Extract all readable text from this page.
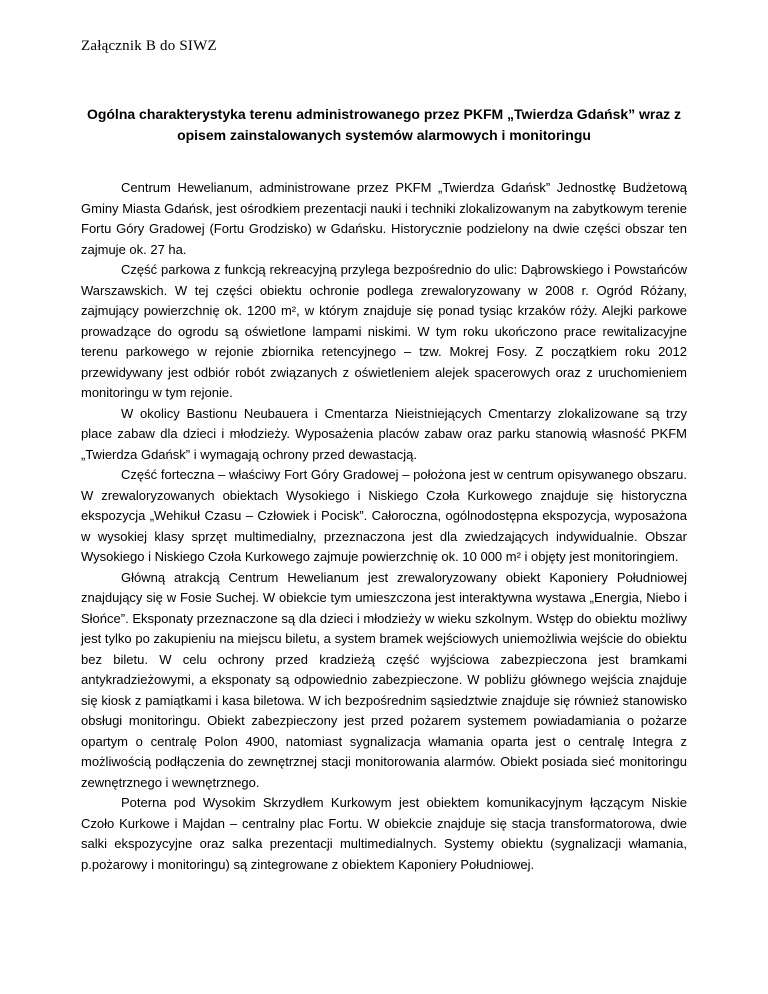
Załącznik B do SIWZ
Ogólna charakterystyka terenu administrowanego przez PKFM „Twierdza Gdańsk” wraz z opisem zainstalowanych systemów alarmowych i monitoringu

Centrum Hewelianum, administrowane przez PKFM „Twierdza Gdańsk” Jednostkę Budżetową Gminy Miasta Gdańsk, jest ośrodkiem prezentacji nauki i techniki zlokalizowanym na zabytkowym terenie Fortu Góry Gradowej (Fortu Grodzisko) w Gdańsku. Historycznie podzielony na dwie części obszar ten zajmuje ok. 27 ha.

Część parkowa z funkcją rekreacyjną przylega bezpośrednio do ulic: Dąbrowskiego i Powstańców Warszawskich. W tej części obiektu ochronie podlega zrewaloryzowany w 2008 r. Ogród Różany, zajmujący powierzchnię ok. 1200 m², w którym znajduje się ponad tysiąc krzaków róży. Alejki parkowe prowadzące do ogrodu są oświetlone lampami niskimi. W tym roku ukończono prace rewitalizacyjne terenu parkowego w rejonie zbiornika retencyjnego – tzw. Mokrej Fosy. Z początkiem roku 2012 przewidywany jest odbiór robót związanych z oświetleniem alejek spacerowych oraz z uruchomieniem monitoringu w tym rejonie.

W okolicy Bastionu Neubauera i Cmentarza Nieistniejących Cmentarzy zlokalizowane są trzy place zabaw dla dzieci i młodzieży. Wyposażenia placów zabaw oraz parku stanowią własność PKFM „Twierdza Gdańsk” i wymagają ochrony przed dewastacją.

Część forteczna – właściwy Fort Góry Gradowej – położona jest w centrum opisywanego obszaru. W zrewaloryzowanych obiektach Wysokiego i Niskiego Czoła Kurkowego znajduje się historyczna ekspozycja „Wehikuł Czasu – Człowiek i Pocisk”. Całoroczna, ogólnodostępna ekspozycja, wyposażona w wysokiej klasy sprzęt multimedialny, przeznaczona jest dla zwiedzających indywidualnie. Obszar Wysokiego i Niskiego Czoła Kurkowego zajmuje powierzchnię ok. 10 000 m² i objęty jest monitoringiem.

Główną atrakcją Centrum Hewelianum jest zrewaloryzowany obiekt Kaponiery Południowej znajdujący się w Fosie Suchej. W obiekcie tym umieszczona jest interaktywna wystawa „Energia, Niebo i Słońce”. Eksponaty przeznaczone są dla dzieci i młodzieży w wieku szkolnym. Wstęp do obiektu możliwy jest tylko po zakupieniu na miejscu biletu, a system bramek wejściowych uniemożliwia wejście do obiektu bez biletu. W celu ochrony przed kradzieżą część wyjściowa zabezpieczona jest bramkami antykradzieżowymi, a eksponaty są odpowiednio zabezpieczone. W pobliżu głównego wejścia znajduje się kiosk z pamiątkami i kasa biletowa. W ich bezpośrednim sąsiedztwie znajduje się również stanowisko obsługi monitoringu. Obiekt zabezpieczony jest przed pożarem systemem powiadamiania o pożarze opartym o centralę Polon 4900, natomiast sygnalizacja włamania oparta jest o centralę Integra z możliwością podłączenia do zewnętrznej stacji monitorowania alarmów. Obiekt posiada sieć monitoringu zewnętrznego i wewnętrznego.

Poterna pod Wysokim Skrzydłem Kurkowym jest obiektem komunikacyjnym łączącym Niskie Czoło Kurkowe i Majdan – centralny plac Fortu. W obiekcie znajduje się stacja transformatorowa, dwie salki ekspozycyjne oraz salka prezentacji multimedialnych. Systemy obiektu (sygnalizacji włamania, p.pożarowy i monitoringu) są zintegrowane z obiektem Kaponiery Południowej.
